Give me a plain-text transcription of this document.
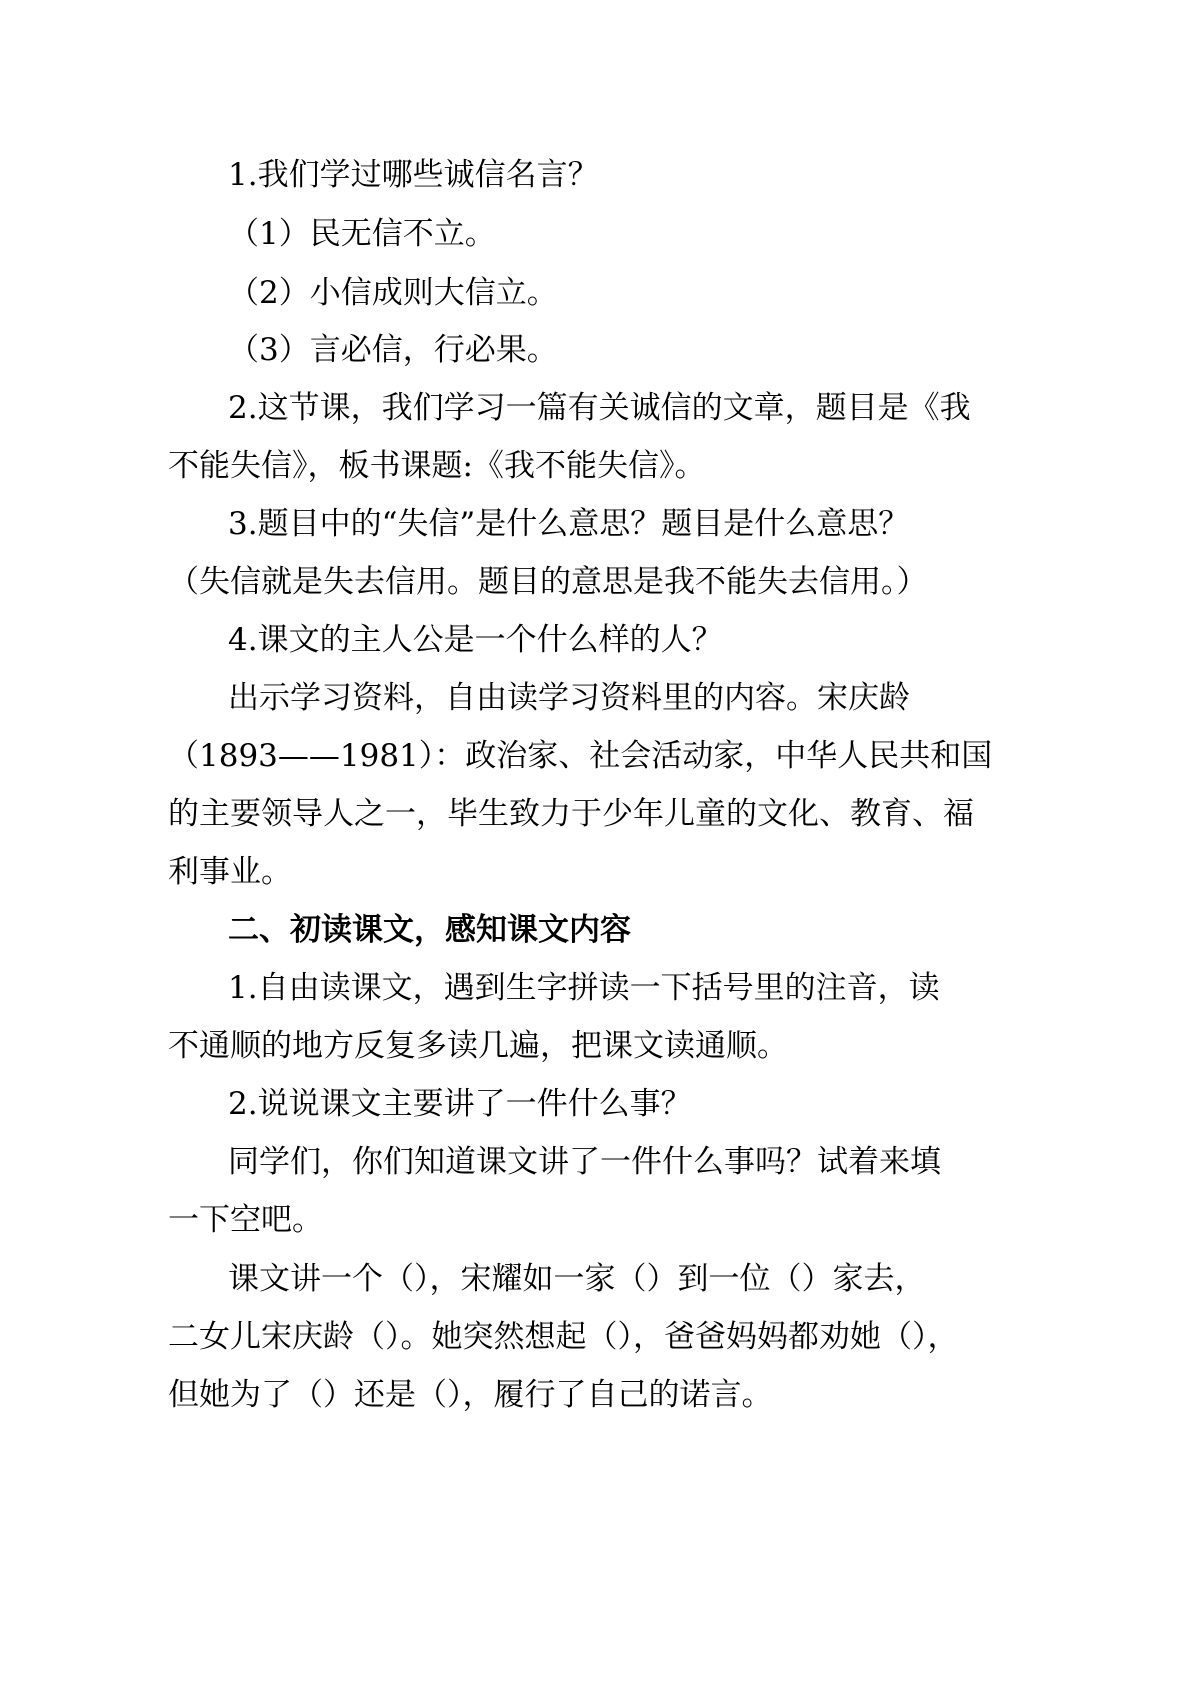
1.我们学过哪些诚信名言？
（1）民无信不立。
（2）小信成则大信立。
（3）言必信，行必果。
2.这节课，我们学习一篇有关诚信的文章，题目是《我
不能失信》，板书课题:《我不能失信》。
3.题目中的“失信”是什么意思？题目是什么意思？
（失信就是失去信用。题目的意思是我不能失去信用。）
4.课文的主人公是一个什么样的人？
出示学习资料，自由读学习资料里的内容。宋庆龄
（1893——1981）：政治家、社会活动家，中华人民共和国
的主要领导人之一，毕生致力于少年儿童的文化、教育、福
利事业。
二、初读课文，感知课文内容
1.自由读课文，遇到生字拼读一下括号里的注音，读
不通顺的地方反复多读几遍，把课文读通顺。
2.说说课文主要讲了一件什么事？
同学们，你们知道课文讲了一件什么事吗？试着来填
一下空吧。
课文讲一个（），宋耀如一家（）到一位（）家去，
二女儿宋庆龄（）。她突然想起（），爸爸妈妈都劝她（），
但她为了（）还是（），履行了自己的诺言。
